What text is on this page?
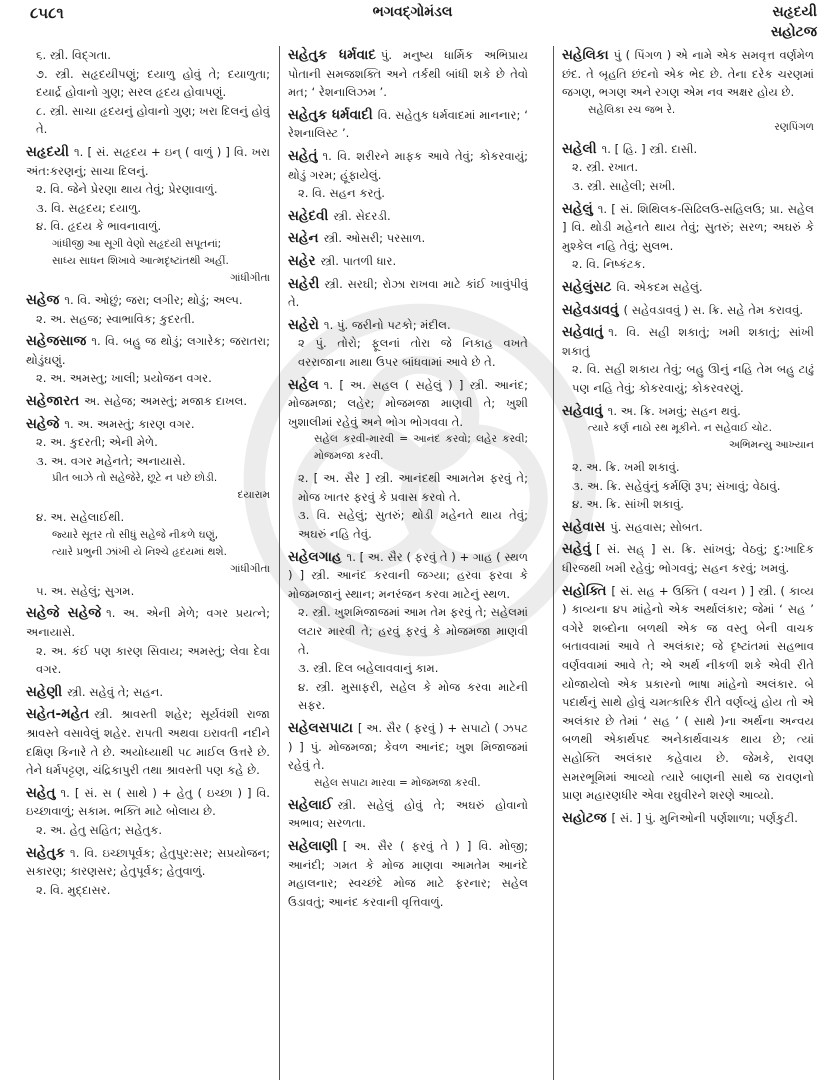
૮૫૮૧	ભગવદ્ગોમંડલ	સહૃદયી
સહોટજ
૬. સ્ત્રી. વિદ્ગતા.
૭. સ્ત્રી. સહૃદયીપણું; દયાળુ હોવું તે; દયાળુતા; દયાર્દ્ર હોવાનો ગુણ; સરલ હૃદય હોવાપણું.
૮. સ્ત્રી. સાચા હૃદયનું હોવાનો ગુણ; ખરા દિલનું હોવું તે.
સહૃદયી ૧. [ સં. સહૃદય + ઇન્ ( વાળું ) ] વિ. ખરા અંત:કરણનું; સાચા દિલનું.
૨. વિ. જેને પ્રેરણા થાય તેવું; પ્રેરણાવાળું.
૩. વિ. સહૃદય; દયાળુ.
૪. વિ. હૃદય કે ભાવનાવાળું.
ગાંધીજી આ સૂગી વેણો સહૃદયી સપૂતનાં;
સાધ્ય સાધન શિખાવે આત્મદૃષ્ટાંતથી અહીં.
ગાંધીગીતા
સહેજ ૧. વિ. ઓછું; જરા; લગીર; થોડું; અલ્પ.
૨. અ. સહજ; સ્વાભાવિક; કુદરતી.
સહેજસાજ ૧. વિ. બહુ જ થોડું; લગારેક; જરાતરા; થોડુંઘણું.
૨. અ. અમસ્તુ; ખાલી; પ્રયોજન વગર.
સહેજારત અ. સહેજ; અમસ્તું; મજાક દાખલ.
સહેજે ૧. અ. અમસ્તું; કારણ વગર.
૨. અ. કુદરતી; એની મેળે.
૩. અ. વગર મહેનતે; અનાયાસે.
પ્રીત બાઝે તો સહેજેરે, છૂટે ન પછે છોડી.
દયારામ
૪. અ. સહેલાઈથી.
જ્યારે સૂતર તો સીધું સહેજે નીકળે ઘણું,
ત્યારે પ્રભુની ઝાંખી યે નિશ્ચે હૃદયમાં થશે.
ગાંધીગીતા
૫. અ. સહેલું; સુગમ.
સહેજે સહેજે ૧. અ. એની મેળે; વગર પ્રયત્ને; અનાયાસે.
૨. અ. કંઈ પણ કારણ સિવાય; અમસ્તું; લેવા દેવા વગર.
સહેણી સ્ત્રી. સહેવું તે; સહન.
સહેત-મહેત સ્ત્રી. શ્રાવસ્તી શહેર; સૂર્યવંશી રાજા શ્રાવસ્તે વસાવેલું શહેર. રાપતી અથવા ઇરાવતી નદીને દક્ષિણ કિનારે તે છે. અયોધ્યાથી ૫૮ માઈલ ઉત્તરે છે. તેને ધર્મપટ્ટણ, ચંદ્રિકાપુરી તથા શ્રાવસ્તી પણ કહે છે.
સહેતુ ૧. [ સં. સ ( સાથે ) + હેતુ ( ઇચ્છા ) ] વિ. ઇચ્છાવાળું; સકામ. ભક્તિ માટે બોલાય છે.
૨. અ. હેતુ સહિત; સહેતુક.
સહેતુક ૧. વિ. ઇચ્છાપૂર્વક; હેતુપુર:સર; સપ્રયોજન; સકારણ; કારણસર; હેતુપૂર્વક; હેતુવાળું.
૨. વિ. મુદ્દાસર.
સહેતુક ધર્મવાદ પું. મનુષ્ય ધાર્મિક અભિપ્રાય પોતાની સમજશક્તિ અને તર્કથી બાંધી શકે છે તેવો મત; ‘ રેશનાલિઝમ ’.
સહેતુક ધર્મવાદી વિ. સહેતુક ધર્મવાદમાં માનનાર; ‘ રેશનાલિસ્ટ ’.
સહેતું ૧. વિ. શરીરને માફક આવે તેવું; કોકરવાયું; થોડું ગરમ; હૂંફાયેલું.
૨. વિ. સહન કરતું.
સહેદવી સ્ત્રી. સેદરડી.
સહેન સ્ત્રી. ઓસરી; પરસાળ.
સહેર સ્ત્રી. પાતળી ધાર.
સહેરી સ્ત્રી. સરઘી; રોઝા રાખવા માટે કાંઈ ખાવુંપીવું તે.
સહેરો ૧. પું. જરીનો પટકો; મંદીલ.
૨ પું. તોરો; ફૂલનાં તોરા જે નિકાહ વખતે વરરાજાના માથા ઉપર બાંધવામાં આવે છે તે.
સહેલ ૧. [ અ. સહલ ( સહેલું ) ] સ્ત્રી. આનંદ; મોજમજા; લહેર; મોજમજા માણવી તે; ખુશી ખુશાલીમાં રહેવું અને ભોગ ભોગવવા તે.
સહેલ કરવી-મારવી = આનંદ કરવો; લહેર કરવી; મોજમજા કરવી.
૨. [ અ. સૈર ] સ્ત્રી. આનંદથી આમતેમ ફરવું તે; મોજ ખાતર ફરવું કે પ્રવાસ કરવો તે.
૩. વિ. સહેલું; સુતરું; થોડી મહેનતે થાય તેવું; અઘરું નહિ તેવું.
સહેલગાહ ૧. [ અ. સૈર ( ફરવું તે ) + ગાહ ( સ્થળ ) ] સ્ત્રી. આનંદ કરવાની જગ્યા; હરવા ફરવા કે મોજમજાનું સ્થાન; મનરંજન કરવા માટેનું સ્થળ.
૨. સ્ત્રી. ખુશમિજાજમાં આમ તેમ ફરવું તે; સહેલમાં લટાર મારવી તે; હરવું ફરવું કે મોજમજા માણવી તે.
૩. સ્ત્રી. દિલ બહેલાવવાનું કામ.
૪. સ્ત્રી. મુસાફરી, સહેલ કે મોજ કરવા માટેની સફર.
સહેલસપાટા [ અ. સૈર ( ફરવું ) + સપાટો ( ઝપટ ) ] પું. મોજમજા; કેવળ આનંદ; ખુશ મિજાજમાં રહેવું તે.
સહેલ સપાટા મારવા = મોજમજા કરવી.
સહેલાઈ સ્ત્રી. સહેલું હોવું તે; અઘરું હોવાનો અભાવ; સરળતા.
સહેલાણી [ અ. સૈર ( ફરવું તે ) ] વિ. મોજી; આનંદી; ગમત કે મોજ માણવા આમતેમ આનંદે મહાલનાર; સ્વચ્છંદે મોજ માટે ફરનાર; સહેલ ઉડાવતું; આનંદ કરવાની વૃત્તિવાળું.
સહેલિકા પું ( પિંગળ ) એ નામે એક સમવૃત્ત વર્ણમેળ છંદ. તે બૃહતિ છંદનો એક ભેદ છે. તેના દરેક ચરણમાં જગણ, ભગણ અને રગણ એમ નવ અક્ષર હોય છે.
સહેલિકા રચ જભ રે.
રણપિંગળ
સહેલી ૧. [ હિ. ] સ્ત્રી. દાસી.
૨. સ્ત્રી. રખાત.
૩. સ્ત્રી. સાહેલી; સખી.
સહેલું ૧. [ સં. શિથિલક-સિઢિલઉ-સહિલઉ; પ્રા. સહેલ ] વિ. થોડી મહેનતે થાય તેવું; સુતરું; સરળ; અઘરું કે મુશ્કેલ નહિ તેવું; સુલભ.
૨. વિ. નિષ્કંટક.
સહેલુંસટ વિ. એકદમ સહેલું.
સહેવડાવવું ( સહેવડાવવું ) સ. ક્રિ. સહે તેમ કરાવવું.
સહેવાતું ૧. વિ. સહી શકાતું; ખમી શકાતું; સાંખી શકાતું
૨. વિ. સહી શકાય તેવું; બહુ ઊનું નહિ તેમ બહુ ટાઢું પણ નહિ તેવું; કોકરવાયું; કોકરવરણું.
સહેવાવું ૧. અ. ક્રિ. ખમવું; સહન થવું.
ત્યારે કર્ણ નાઠો રથ મૂકીને. ન સહેવાઈ ચોટ.
અભિમન્યુ આખ્યાન
૨. અ. ક્રિ. ખમી શકાવું.
૩. અ. ક્રિ. સહેવુંનું કર્મણિ રૂપ; સંખાવું; વેઠાવું.
૪. અ. ક્રિ. સાંખી શકાવું.
સહેવાસ પું. સહવાસ; સોબત.
સહેવું [ સં. સહ્ ] સ. ક્રિ. સાંખવું; વેઠવું; દુ:ખાદિક ધીરજથી ખમી રહેવું; ભોગવવું; સહન કરવું; ખમવું.
સહોક્તિ [ સં. સહ + ઉક્તિ ( વચન ) ] સ્ત્રી. ( કાવ્ય ) કાવ્યના ૪૫ માંહેનો એક અર્થાલંકાર; જેમાં ‘ સહ ’ વગેરે શબ્દોના બળથી એક જ વસ્તુ બેની વાચક બતાવવામાં આવે તે અલંકાર; જે દૃષ્ટાંતમાં સહભાવ વર્ણવવામાં આવે તે; એ અર્થ નીકળી શકે એવી રીતે યોજાયેલો એક પ્રકારનો ભાષા માંહેનો અલંકાર. બે પદાર્થનું સાથે હોવું ચમત્કારિક રીતે વર્ણવ્યું હોય તો એ અલંકાર છે તેમાં ‘ સહ ’ ( સાથે )ના અર્થના અન્વય બળથી એકાર્થપદ અનેકાર્થવાચક થાય છે; ત્યાં સહોક્તિ અલંકાર કહેવાય છે. જેમકે, રાવણ સમરભૂમિમાં આવ્યો ત્યારે બાણની સાથે જ રાવણનો પ્રાણ મહારણધીર એવા રઘુવીરને શરણે આવ્યો.
સહોટજ [ સં. ] પું. મુનિઓની પર્ણશાળા; પર્ણકુટી.
